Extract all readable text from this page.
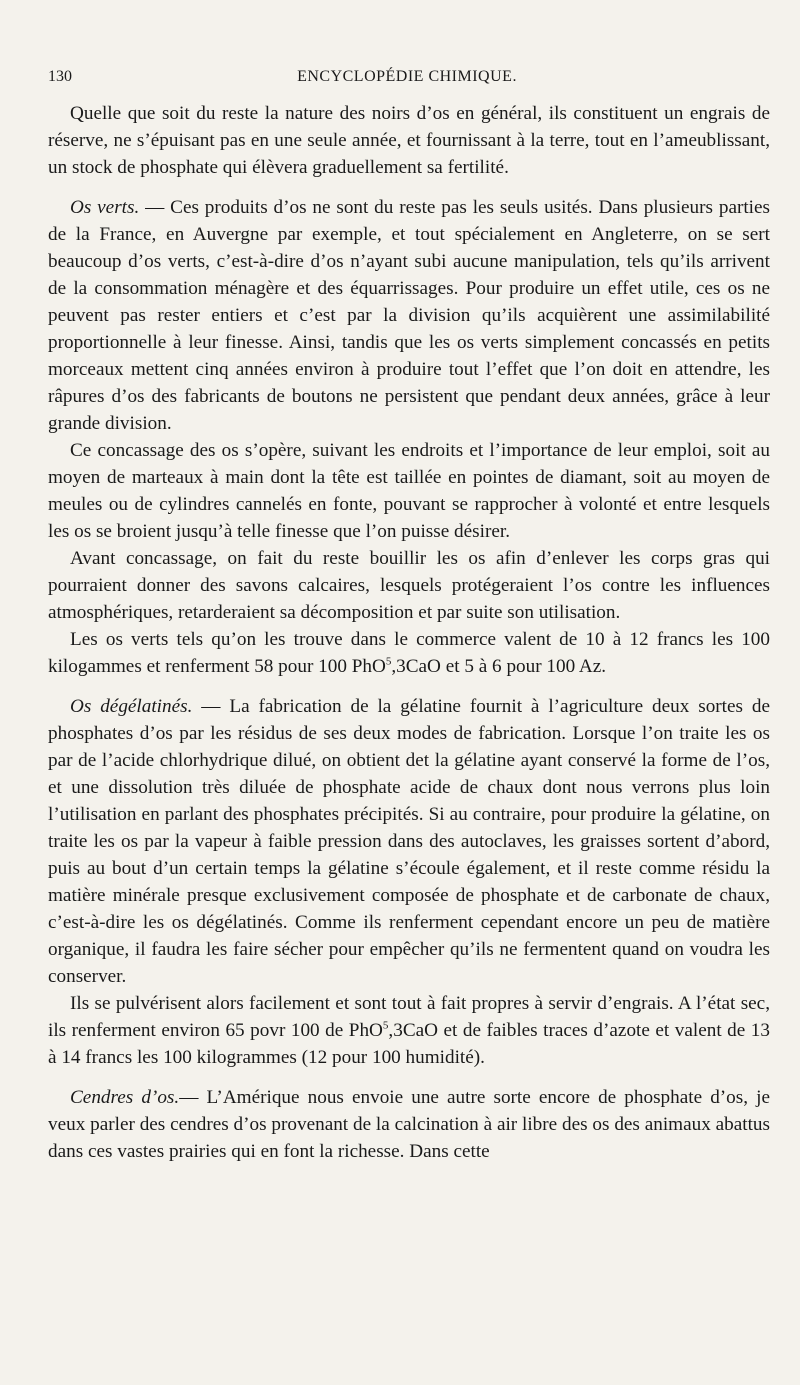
130	ENCYCLOPÉDIE CHIMIQUE.

Quelle que soit du reste la nature des noirs d’os en général, ils constituent un engrais de réserve, ne s’épuisant pas en une seule année, et fournissant à la terre, tout en l’ameublissant, un stock de phosphate qui élèvera graduellement sa fertilité.

Os verts. — Ces produits d’os ne sont du reste pas les seuls usités. Dans plusieurs parties de la France, en Auvergne par exemple, et tout spécialement en Angleterre, on se sert beaucoup d’os verts, c’est-à-dire d’os n’ayant subi aucune manipulation, tels qu’ils arrivent de la consommation ménagère et des équarrissages. Pour produire un effet utile, ces os ne peuvent pas rester entiers et c’est par la division qu’ils acquièrent une assimilabilité proportionnelle à leur finesse. Ainsi, tandis que les os verts simplement concassés en petits morceaux mettent cinq années environ à produire tout l’effet que l’on doit en attendre, les râpures d’os des fabricants de boutons ne persistent que pendant deux années, grâce à leur grande division.

Ce concassage des os s’opère, suivant les endroits et l’importance de leur emploi, soit au moyen de marteaux à main dont la tête est taillée en pointes de diamant, soit au moyen de meules ou de cylindres cannelés en fonte, pouvant se rapprocher à volonté et entre lesquels les os se broient jusqu’à telle finesse que l’on puisse désirer.

Avant concassage, on fait du reste bouillir les os afin d’enlever les corps gras qui pourraient donner des savons calcaires, lesquels protégeraient l’os contre les influences atmosphériques, retarderaient sa décomposition et par suite son utilisation.

Les os verts tels qu’on les trouve dans le commerce valent de 10 à 12 francs les 100 kilogammes et renferment 58 pour 100 PhO$^5$,3CaO et 5 à 6 pour 100 Az.

Os dégélatinés. — La fabrication de la gélatine fournit à l’agriculture deux sortes de phosphates d’os par les résidus de ses deux modes de fabrication. Lorsque l’on traite les os par de l’acide chlorhydrique dilué, on obtient det la gélatine ayant conservé la forme de l’os, et une dissolution très diluée de phosphate acide de chaux dont nous verrons plus loin l’utilisation en parlant des phosphates précipités. Si au contraire, pour produire la gélatine, on traite les os par la vapeur à faible pression dans des autoclaves, les graisses sortent d’abord, puis au bout d’un certain temps la gélatine s’écoule également, et il reste comme résidu la matière minérale presque exclusivement composée de phosphate et de carbonate de chaux, c’est-à-dire les os dégélatinés. Comme ils renferment cependant encore un peu de matière organique, il faudra les faire sécher pour empêcher qu’ils ne fermentent quand on voudra les conserver.

Ils se pulvérisent alors facilement et sont tout à fait propres à servir d’engrais. A l’état sec, ils renferment environ 65 povr 100 de PhO$^5$,3CaO et de faibles traces d’azote et valent de 13 à 14 francs les 100 kilogrammes (12 pour 100 humidité).

Cendres d’os.— L’Amérique nous envoie une autre sorte encore de phosphate d’os, je veux parler des cendres d’os provenant de la calcination à air libre des os des animaux abattus dans ces vastes prairies qui en font la richesse. Dans cette
